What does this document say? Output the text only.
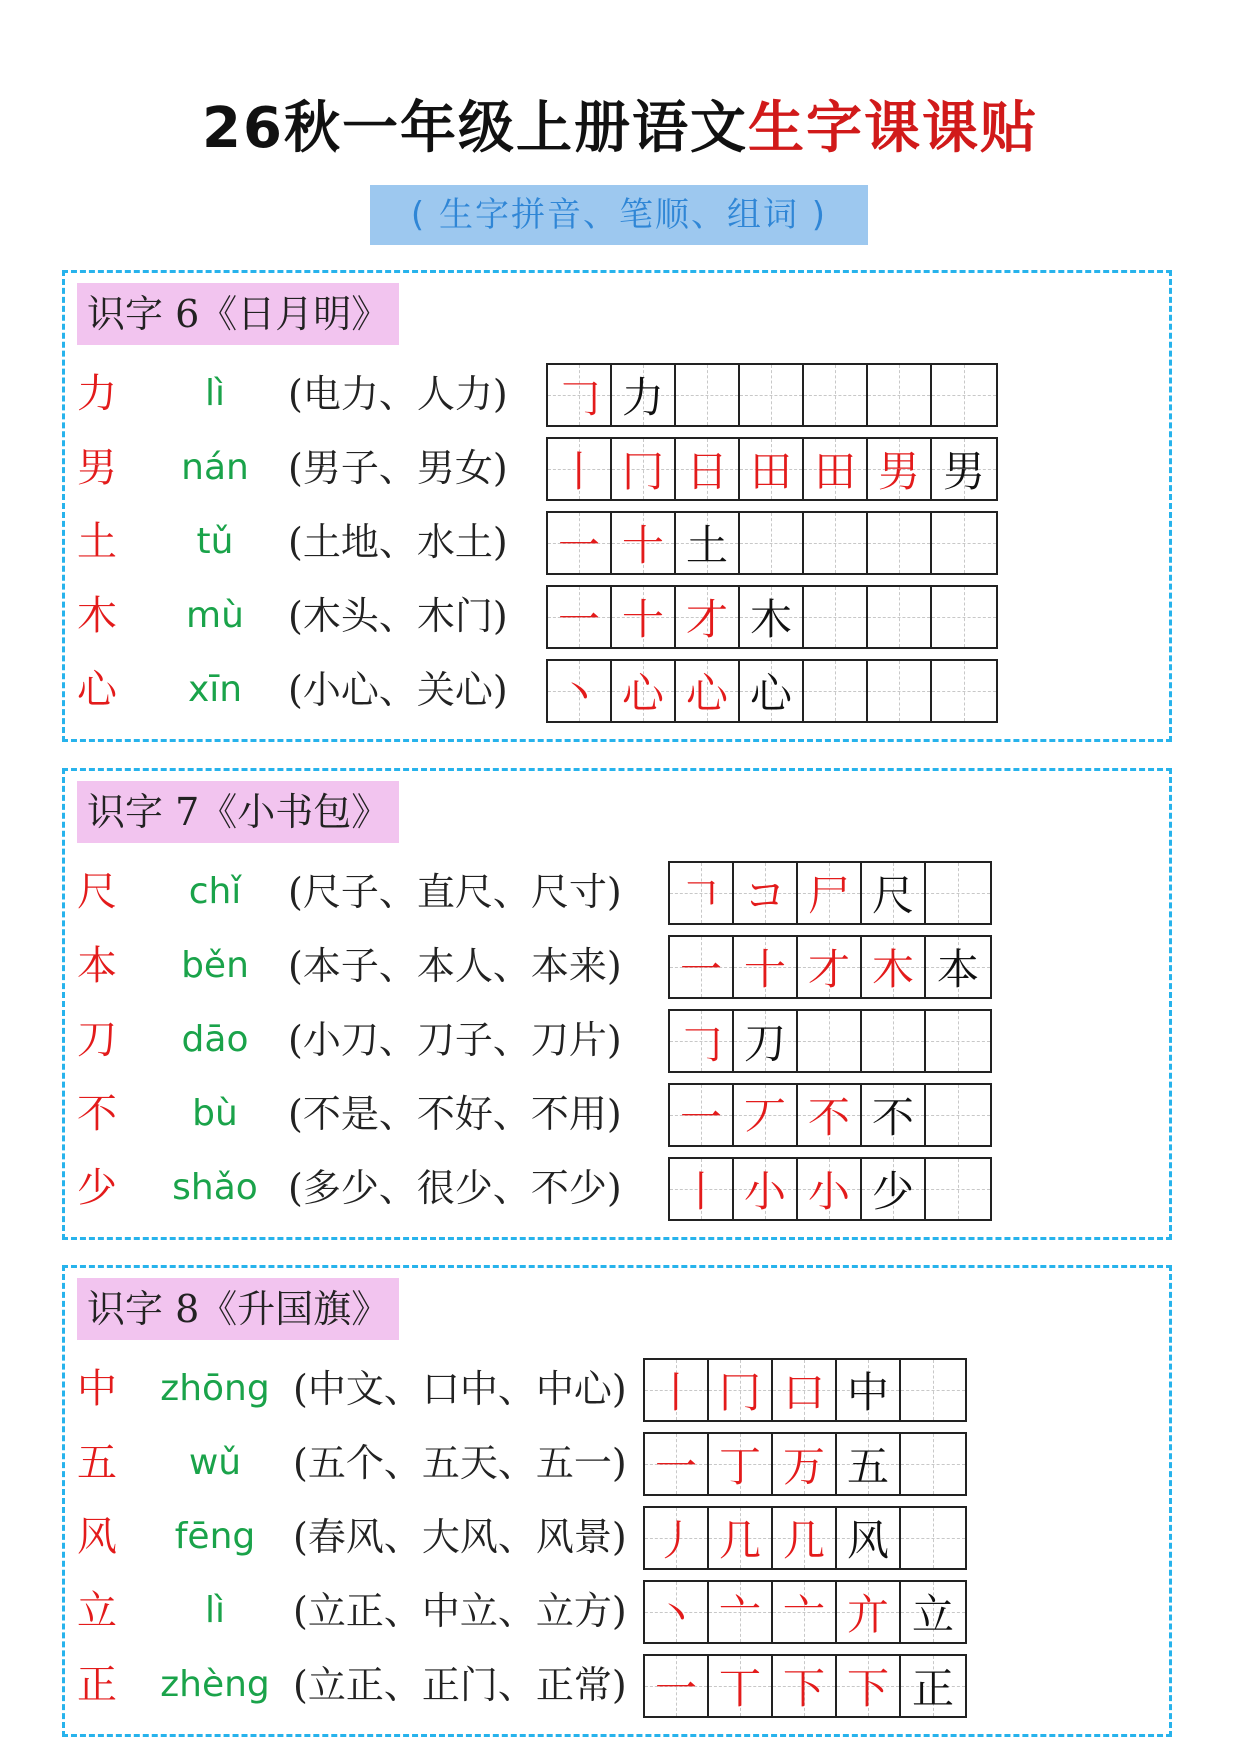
26秋一年级上册语文生字课课贴
( 生字拼音、笔顺、组词 )
识字 6《日月明》
力	lì	(电力、人力) 𠃌 力
男	nán	(男子、男女) 丨 冂 日 田 田 男 男
土	tǔ	(土地、水土) 一 十 土
木	mù	(木头、木门) 一 十 才 木
心	xīn	(小心、关心) 丶 心 心 心
识字 7《小书包》
尺	chǐ	(尺子、直尺、尺寸) 𠃍 コ 尸 尺
本	běn	(本子、本人、本来) 一 十 才 木 本
刀	dāo	(小刀、刀子、刀片) 𠃌 刀
不	bù	(不是、不好、不用) 一 丆 不 不
少	shǎo (多少、很少、不少) 丨 小 小 少
识字 8《升国旗》
中	zhōng (中文、口中、中心) 丨 冂 口 中
五	wǔ	(五个、五天、五一) 一 丁 万 五
风	fēng (春风、大风、风景) 丿 几 几 风
立	lì	(立正、中立、立方) 丶 亠 亠 亣 立
正	zhèng (立正、正门、正常) 一 丅 下 下 正
